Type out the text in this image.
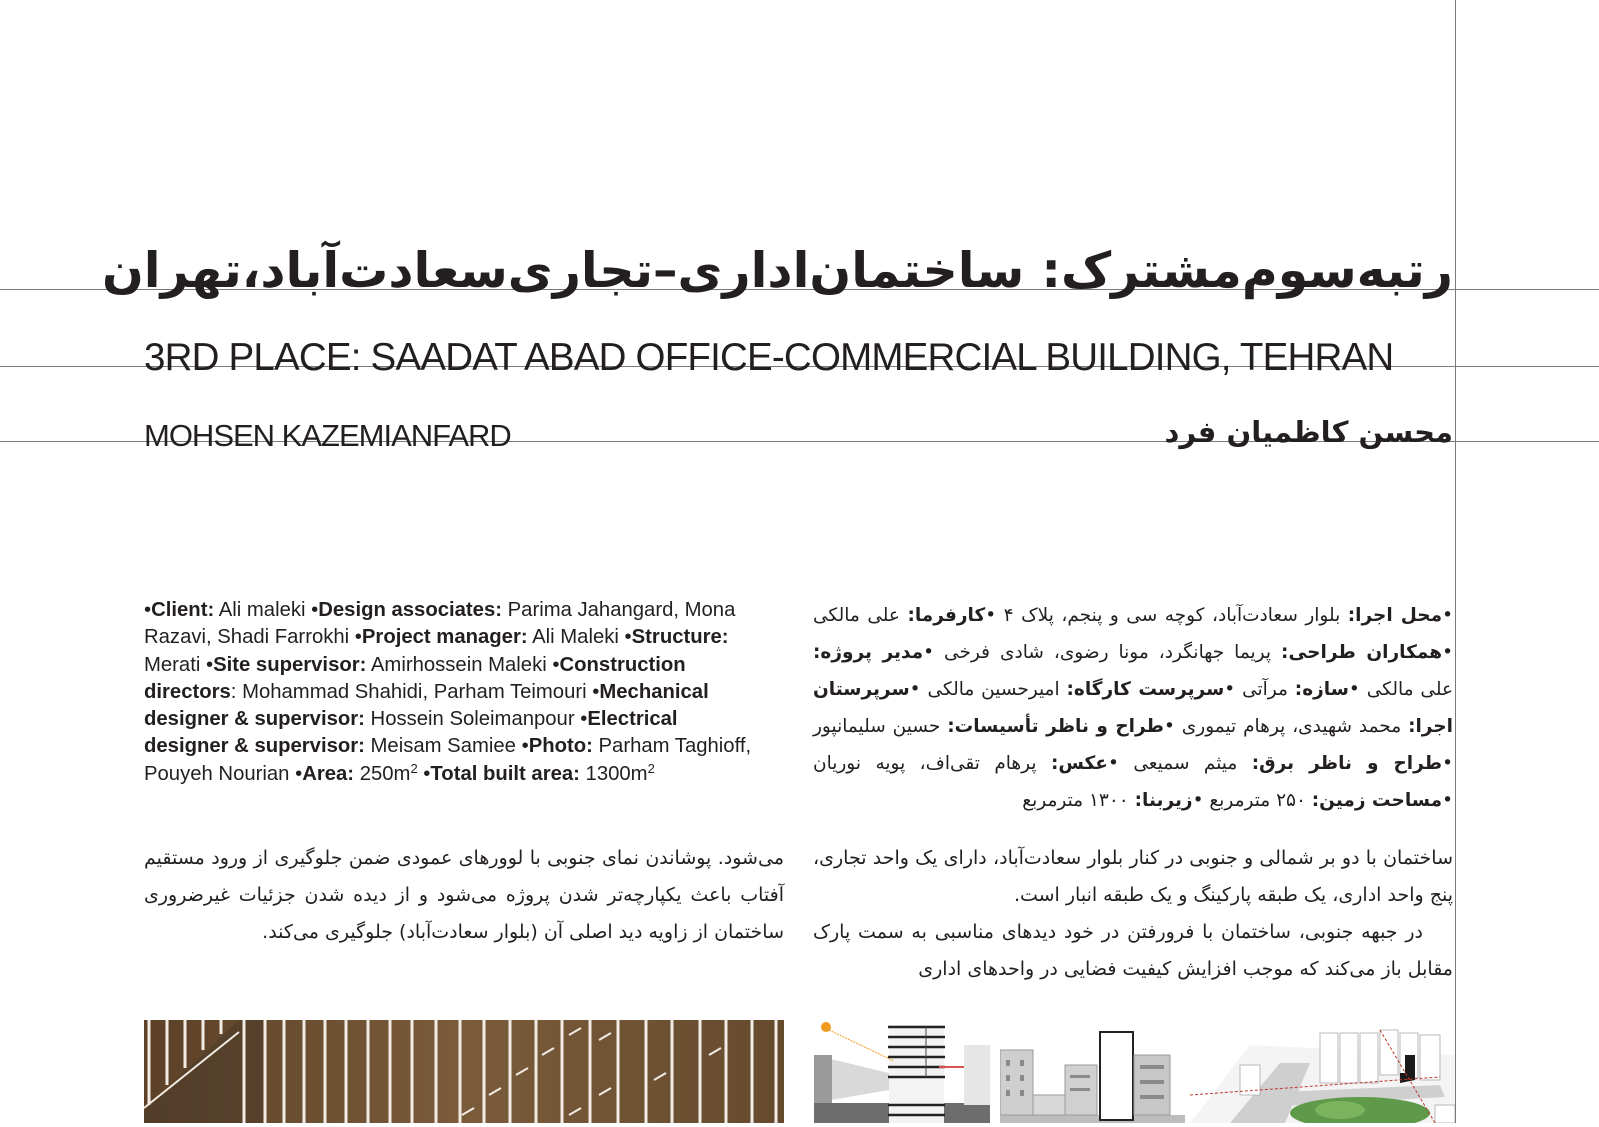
رتبه‌سوم‌مشترک: ساختمان‌اداری–تجاری‌سعادت‌آباد،تهران
3RD PLACE: SAADAT ABAD OFFICE-COMMERCIAL BUILDING, TEHRAN
MOHSEN KAZEMIANFARD	محسن کاظمیان فرد
•Client: Ali maleki •Design associates: Parima Jahangard, Mona Razavi, Shadi Farrokhi •Project manager: Ali Maleki •Structure: Merati •Site supervisor: Amirhossein Maleki •Construction directors: Mohammad Shahidi, Parham Teimouri •Mechanical designer & supervisor: Hossein Soleimanpour •Electrical designer & supervisor: Meisam Samiee •Photo: Parham Taghioff, Pouyeh Nourian •Area: $250m^2$ •Total built area: $1300m^2$
•محل اجرا: بلوار سعادت‌آباد، کوچه سی و پنجم، پلاک ۴ •کارفرما: علی مالکی •همکاران طراحی: پریما جهانگرد، مونا رضوی، شادی فرخی •مدیر پروژه: علی مالکی •سازه: مرآتی •سرپرست کارگاه: امیرحسین مالکی •سرپرستان اجرا: محمد شهیدی، پرهام تیموری •طراح و ناظر تأسیسات: حسین سلیمانپور •طراح و ناظر برق: میثم سمیعی •عکس: پرهام تقی‌اف، پویه نوریان •مساحت زمین: ۲۵۰ مترمربع •زیربنا: ۱۳۰۰ مترمربع
ساختمان با دو بر شمالی و جنوبی در کنار بلوار سعادت‌آباد، دارای یک واحد تجاری، پنج واحد اداری، یک طبقه پارکینگ و یک طبقه انبار است.
در جبهه جنوبی، ساختمان با فرورفتن در خود دیدهای مناسبی به سمت پارک مقابل باز می‌کند که موجب افزایش کیفیت فضایی در واحدهای اداری
می‌شود. پوشاندن نمای جنوبی با لوورهای عمودی ضمن جلوگیری از ورود مستقیم آفتاب باعث یکپارچه‌تر شدن پروژه می‌شود و از دیده شدن جزئیات غیرضروری ساختمان از زاویه دید اصلی آن (بلوار سعادت‌آباد) جلوگیری می‌کند.
